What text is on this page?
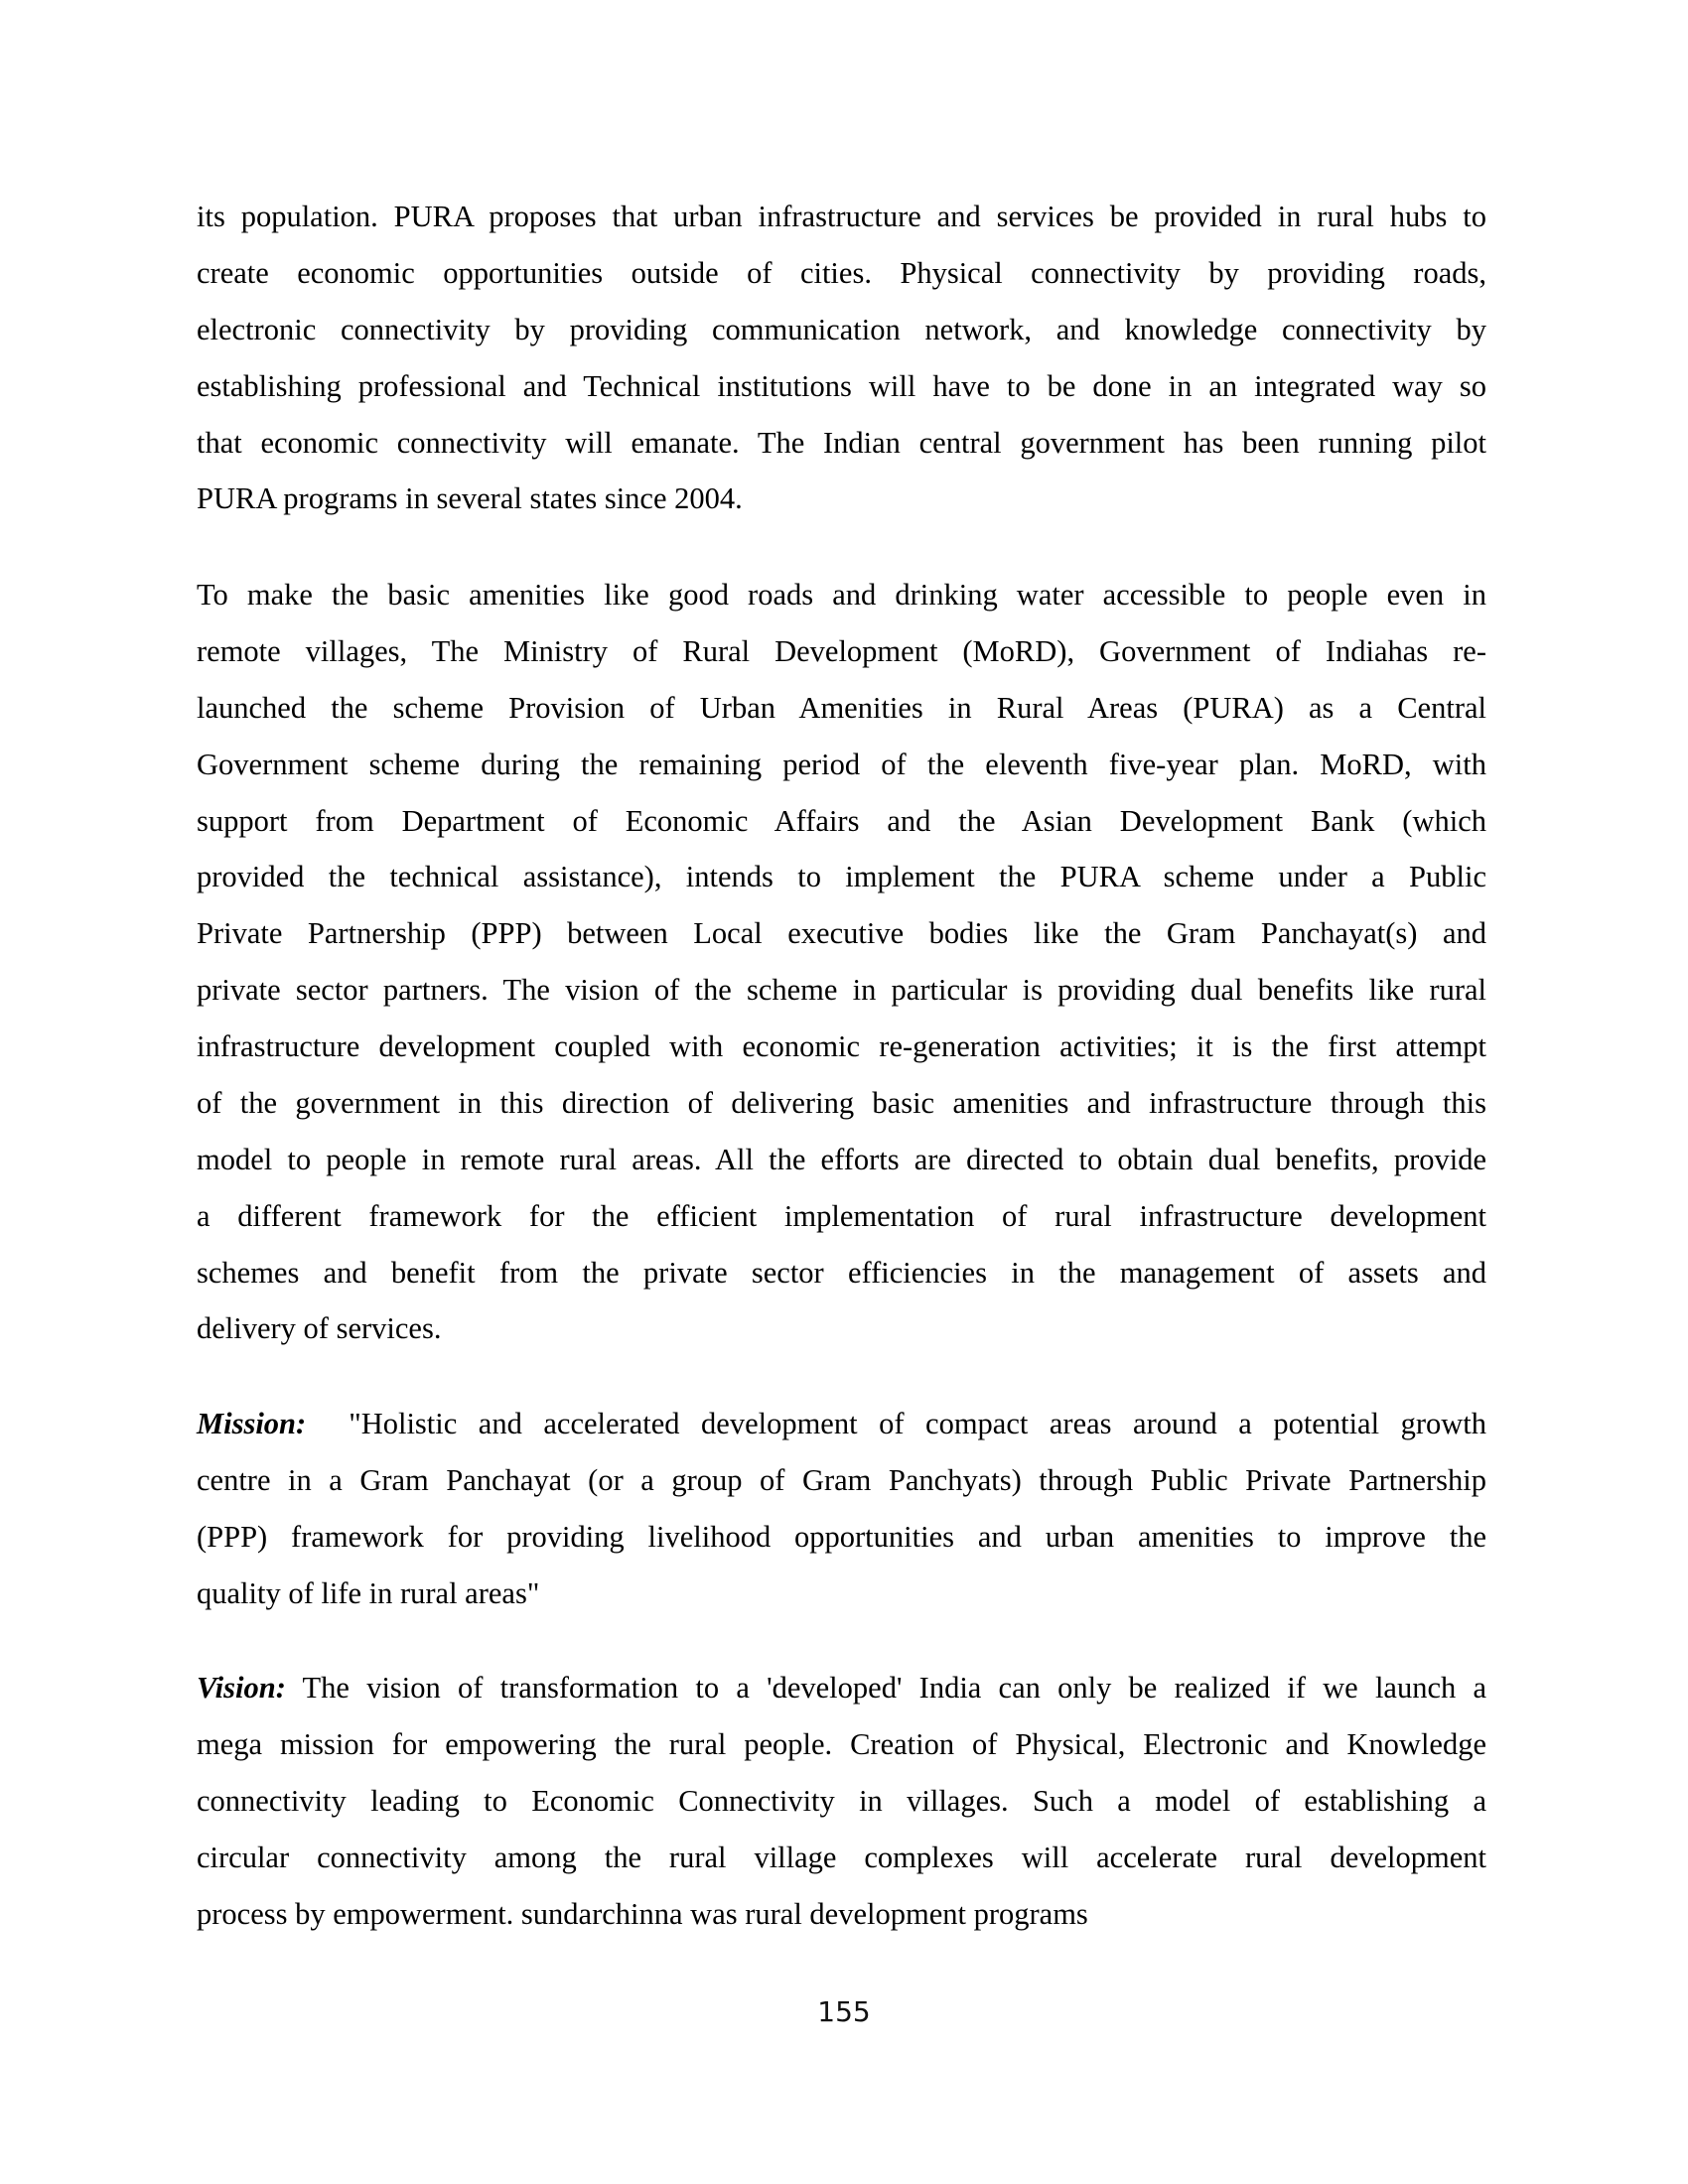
its population. PURA proposes that urban infrastructure and services be provided in rural hubs to
create economic opportunities outside of cities. Physical connectivity by providing roads,
electronic connectivity by providing communication network, and knowledge connectivity by
establishing professional and Technical institutions will have to be done in an integrated way so
that economic connectivity will emanate. The Indian central government has been running pilot
PURA programs in several states since 2004.
To make the basic amenities like good roads and drinking water accessible to people even in
remote villages, The Ministry of Rural Development (MoRD), Government of Indiahas re-
launched the scheme Provision of Urban Amenities in Rural Areas (PURA) as a Central
Government scheme during the remaining period of the eleventh five-year plan. MoRD, with
support from Department of Economic Affairs and the Asian Development Bank (which
provided the technical assistance), intends to implement the PURA scheme under a Public
Private Partnership (PPP) between Local executive bodies like the Gram Panchayat(s) and
private sector partners. The vision of the scheme in particular is providing dual benefits like rural
infrastructure development coupled with economic re-generation activities; it is the first attempt
of the government in this direction of delivering basic amenities and infrastructure through this
model to people in remote rural areas. All the efforts are directed to obtain dual benefits, provide
a different framework for the efficient implementation of rural infrastructure development
schemes and benefit from the private sector efficiencies in the management of assets and
delivery of services.
Mission: "Holistic and accelerated development of compact areas around a potential growth
centre in a Gram Panchayat (or a group of Gram Panchyats) through Public Private Partnership
(PPP) framework for providing livelihood opportunities and urban amenities to improve the
quality of life in rural areas"
Vision: The vision of transformation to a 'developed' India can only be realized if we launch a
mega mission for empowering the rural people. Creation of Physical, Electronic and Knowledge
connectivity leading to Economic Connectivity in villages. Such a model of establishing a
circular connectivity among the rural village complexes will accelerate rural development
process by empowerment. sundarchinna was rural development programs
155
